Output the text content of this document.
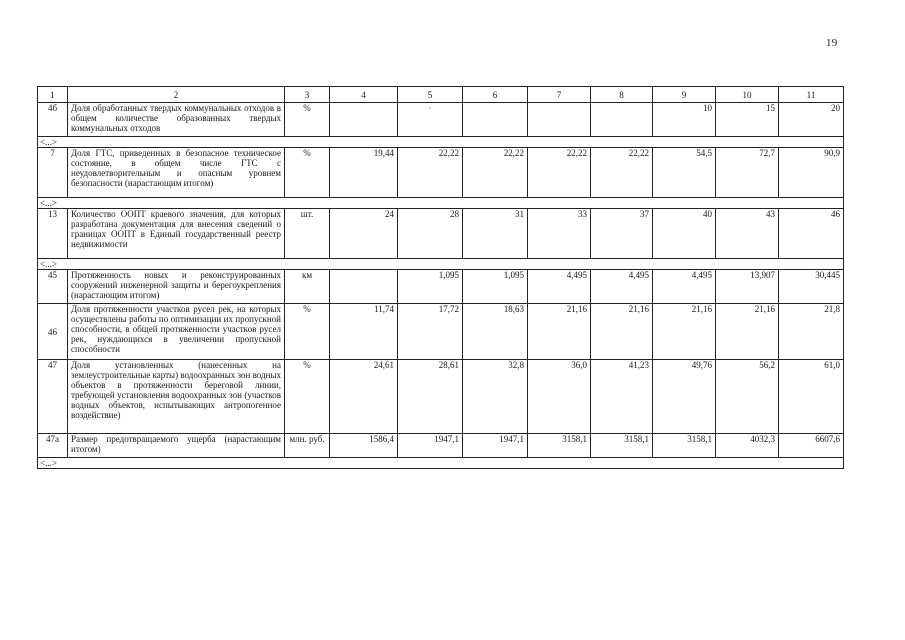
19
1	2	3	4	5	6	7	8	9	10	11
4б	Доля обработанных твердых коммунальных отходов в общем количестве образованных твердых коммунальных отходов	%		·				10	15	20
<...>										
7	Доля ГТС, приведенных в безопасное техническое состояние, в общем числе ГТС с неудовлетворительным и опасным уровнем безопасности (нарастающим итогом)	%	19,44	22,22	22,22	22,22	22,22	54,5	72,7	90,9
<...>										
13	Количество ООПТ краевого значения, для которых разработана документация для внесения сведений о границах ООПТ в Единый государственный реестр недвижимости	шт.	24	28	31	33	37	40	43	46
<...>										
45	Протяженность новых и реконструированных сооружений инженерной защиты и берегоукрепления (нарастающим итогом)	км		1,095	1,095	4,495	4,495	4,495	13,907	30,445
46	Доля протяженности участков русел рек, на которых осуществлены работы по оптимизации их пропускной способности, в общей протяженности участков русел рек, нуждающихся в увеличении пропускной способности	%	11,74	17,72	18,63	21,16	21,16	21,16	21,16	21,8
47	Доля установленных (нанесенных на землеустроительные карты) водоохранных зон водных объектов в протяженности береговой линии, требующей установления водоохранных зон (участков водных объектов, испытывающих антропогенное воздействие)	%	24,61	28,61	32,8	36,0	41,23	49,76	56,2	61,0
47а	Размер предотвращаемого ущерба (нарастающим итогом)	млн. руб.	1586,4	1947,1	1947,1	3158,1	3158,1	3158,1	4032,3	6607,6
<...>										
